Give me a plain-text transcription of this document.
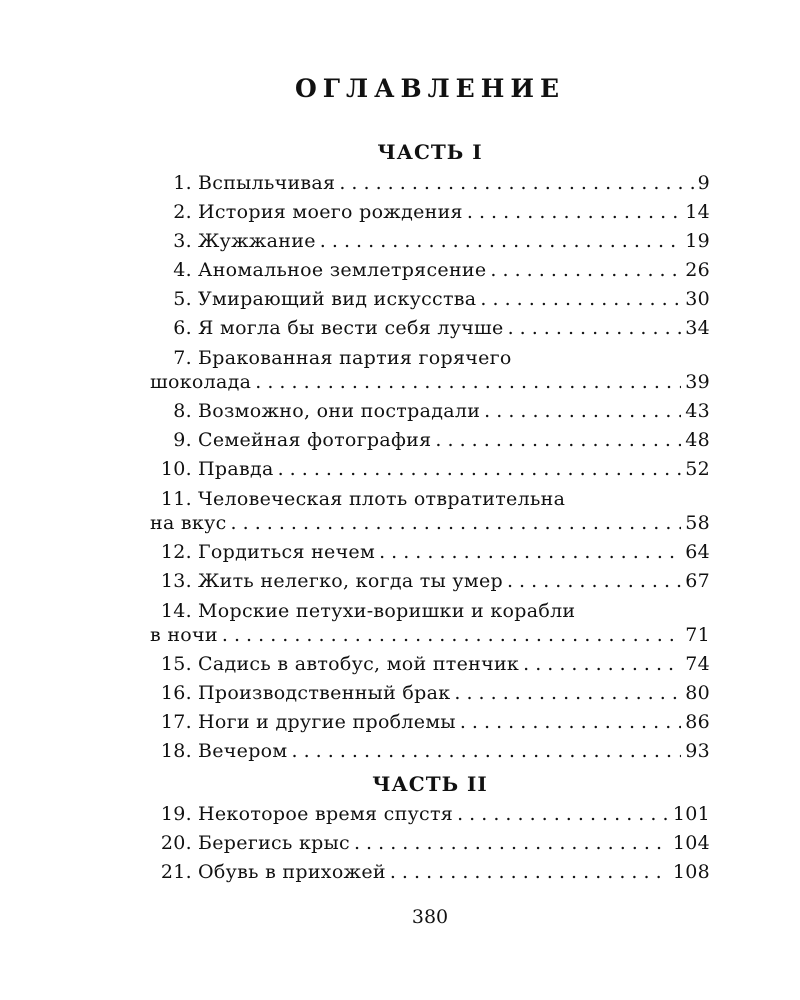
ОГЛАВЛЕНИЕ
ЧАСТЬ I
1. Вспыльчивая . . .	9
2. История моего рождения . . .	14
3. Жужжание . . .	19
4. Аномальное землетрясение . . .	26
5. Умирающий вид искусства . . .	30
6. Я могла бы вести себя лучше . . .	34
7. Бракованная партия горячего
шоколада . . .	39
8. Возможно, они пострадали . . .	43
9. Семейная фотография . . .	48
10. Правда . . .	52
11. Человеческая плоть отвратительна
на вкус . . .	58
12. Гордиться нечем . . .	64
13. Жить нелегко, когда ты умер . . .	67
14. Морские петухи-воришки и корабли
в ночи . . .	71
15. Садись в автобус, мой птенчик . . .	74
16. Производственный брак . . .	80
17. Ноги и другие проблемы . . .	86
18. Вечером . . .	93
ЧАСТЬ II
19. Некоторое время спустя . . .	101
20. Берегись крыс . . .	104
21. Обувь в прихожей . . .	108
380
